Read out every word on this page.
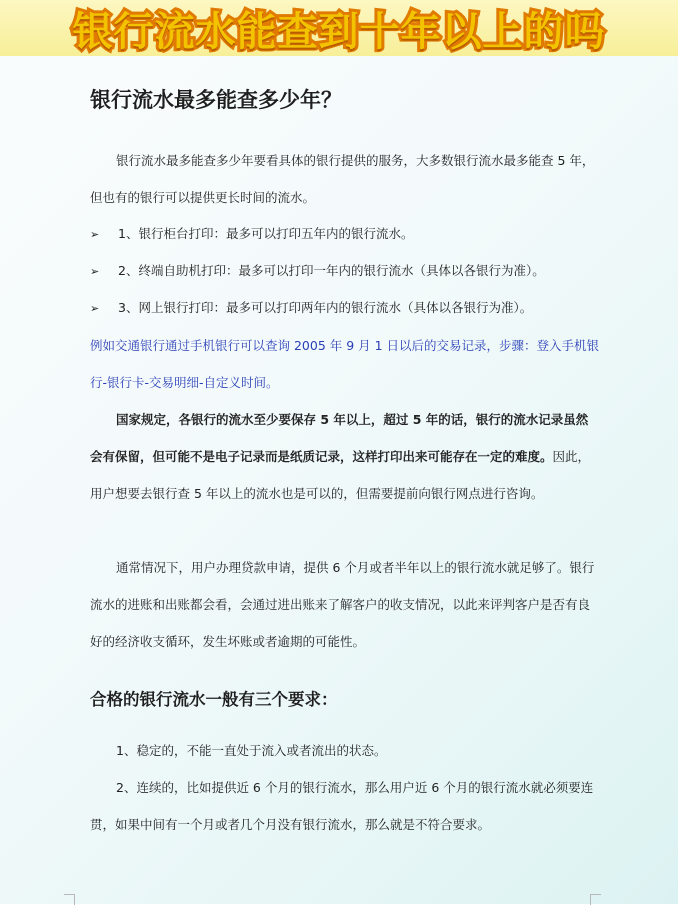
银行流水能查到十年以上的吗
银行流水最多能查多少年？

银行流水最多能查多少年要看具体的银行提供的服务，大多数银行流水最多能查 5 年，但也有的银行可以提供更长时间的流水。

➢ 1、银行柜台打印：最多可以打印五年内的银行流水。
➢ 2、终端自助机打印：最多可以打印一年内的银行流水（具体以各银行为准）。
➢ 3、网上银行打印：最多可以打印两年内的银行流水（具体以各银行为准）。

例如交通银行通过手机银行可以查询 2005 年 9 月 1 日以后的交易记录，步骤：登入手机银行-银行卡-交易明细-自定义时间。

国家规定，各银行的流水至少要保存 5 年以上，超过 5 年的话，银行的流水记录虽然会有保留，但可能不是电子记录而是纸质记录，这样打印出来可能存在一定的难度。因此，用户想要去银行查 5 年以上的流水也是可以的，但需要提前向银行网点进行咨询。

通常情况下，用户办理贷款申请，提供 6 个月或者半年以上的银行流水就足够了。银行流水的进账和出账都会看，会通过进出账来了解客户的收支情况，以此来评判客户是否有良好的经济收支循环，发生坏账或者逾期的可能性。

合格的银行流水一般有三个要求：

1、稳定的，不能一直处于流入或者流出的状态。

2、连续的，比如提供近 6 个月的银行流水，那么用户近 6 个月的银行流水就必须要连贯，如果中间有一个月或者几个月没有银行流水，那么就是不符合要求。
